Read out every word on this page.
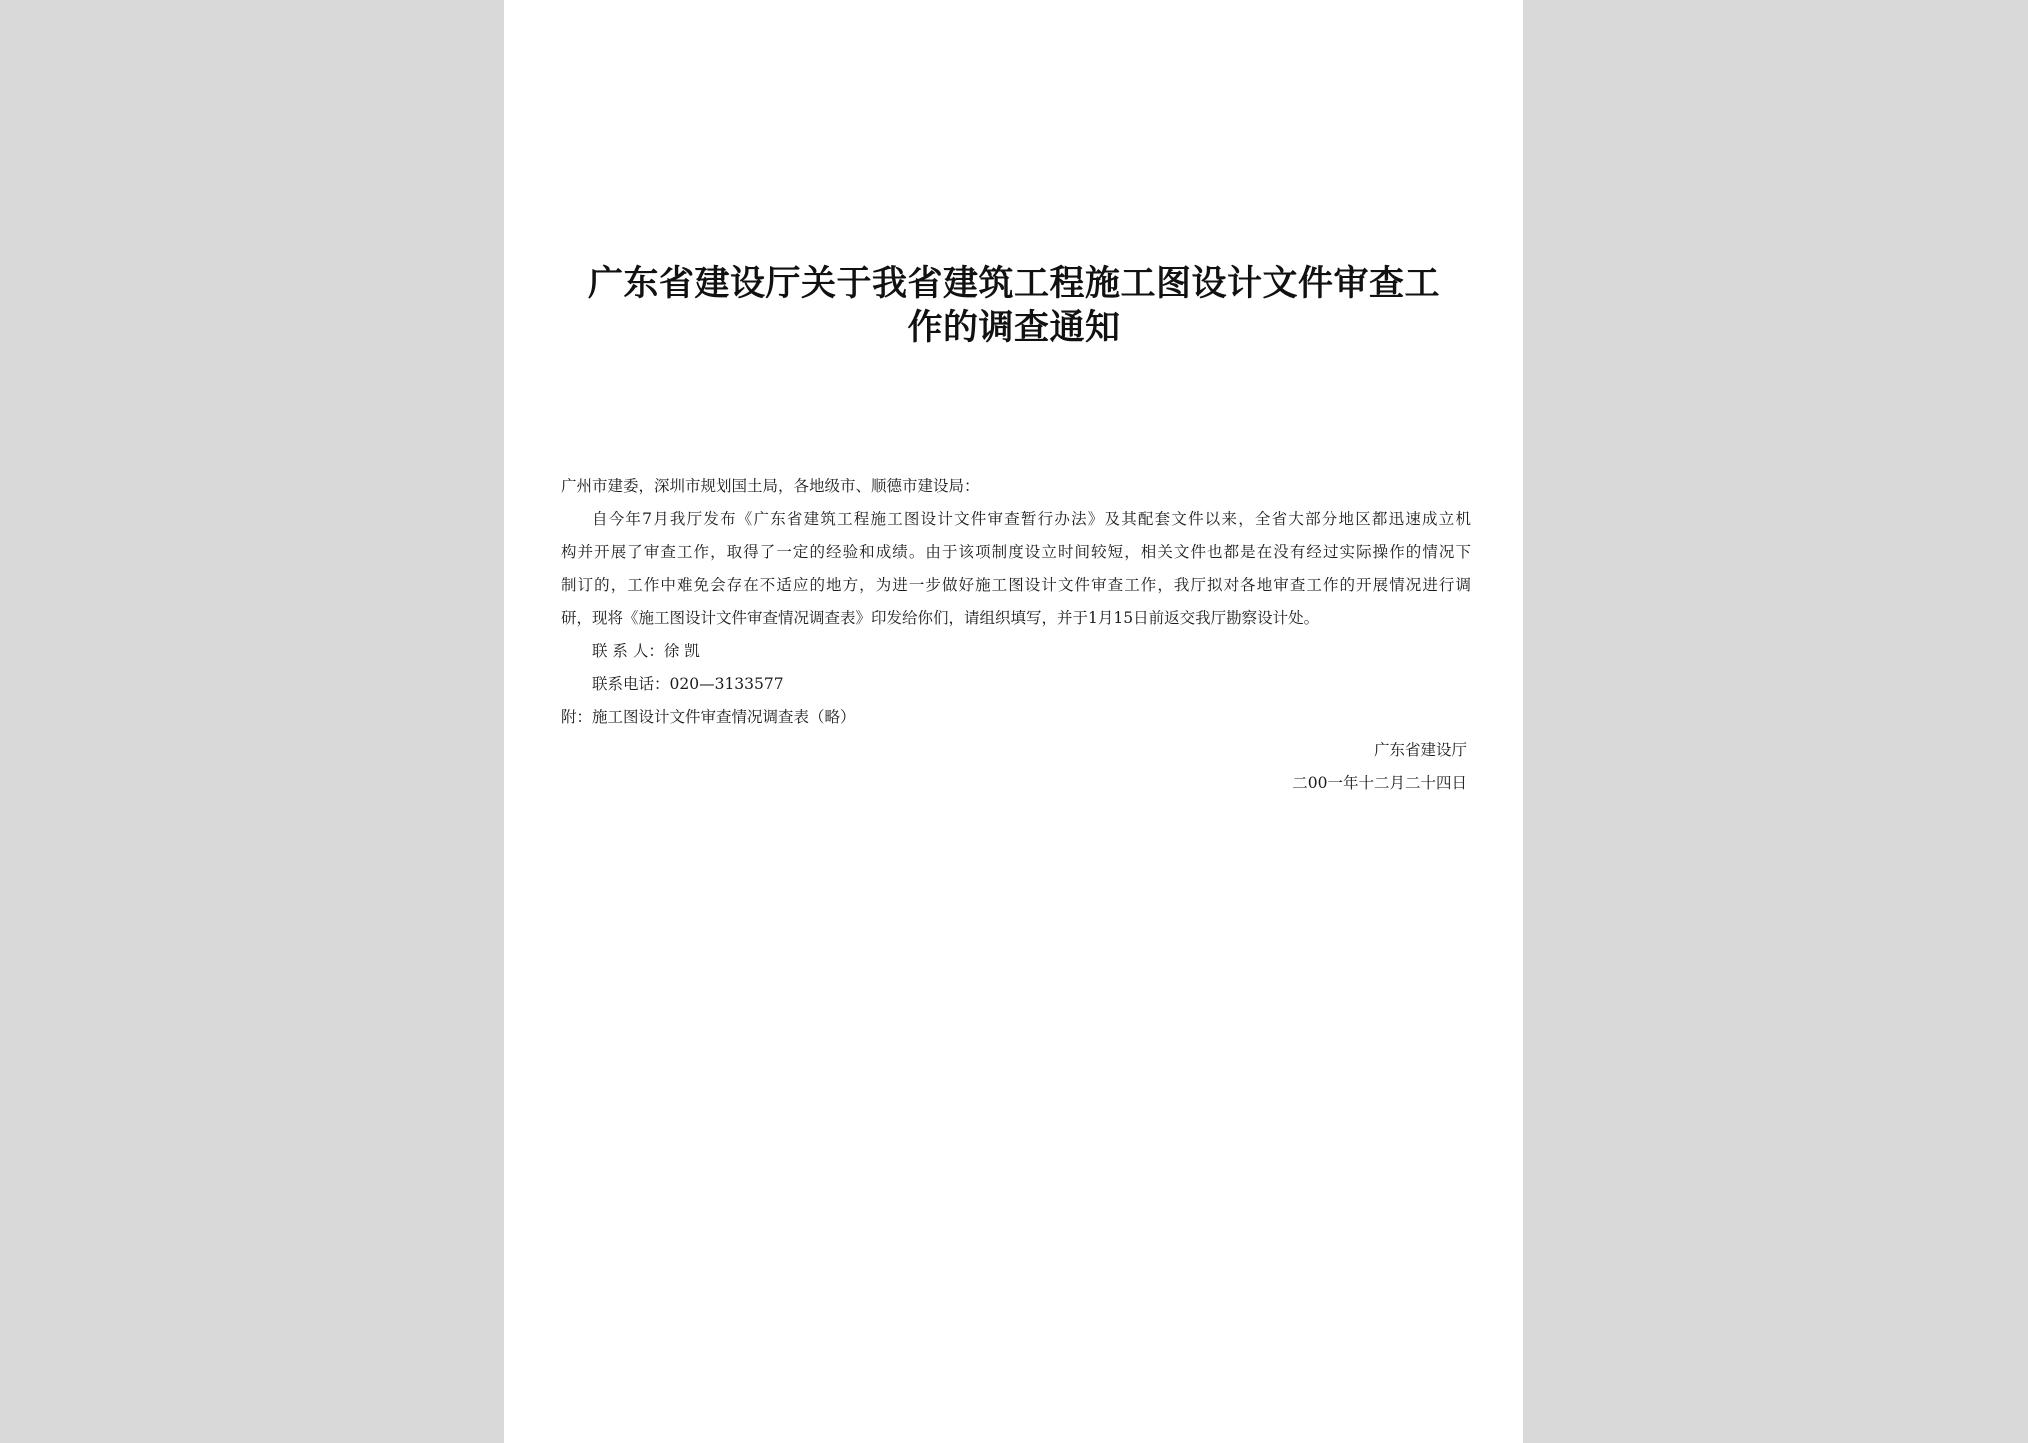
广东省建设厅关于我省建筑工程施工图设计文件审查工
作的调查通知
广州市建委，深圳市规划国土局，各地级市、顺德市建设局：
自今年7月我厅发布《广东省建筑工程施工图设计文件审查暂行办法》及其配套文件以来，全省大部分地区都迅速成立机
构并开展了审查工作，取得了一定的经验和成绩。由于该项制度设立时间较短，相关文件也都是在没有经过实际操作的情况下
制订的，工作中难免会存在不适应的地方，为进一步做好施工图设计文件审查工作，我厅拟对各地审查工作的开展情况进行调
研，现将《施工图设计文件审查情况调查表》印发给你们，请组织填写，并于1月15日前返交我厅勘察设计处。
联 系 人：徐 凯
联系电话：020—3133577
附：施工图设计文件审查情况调查表（略）
广东省建设厅
二00一年十二月二十四日
